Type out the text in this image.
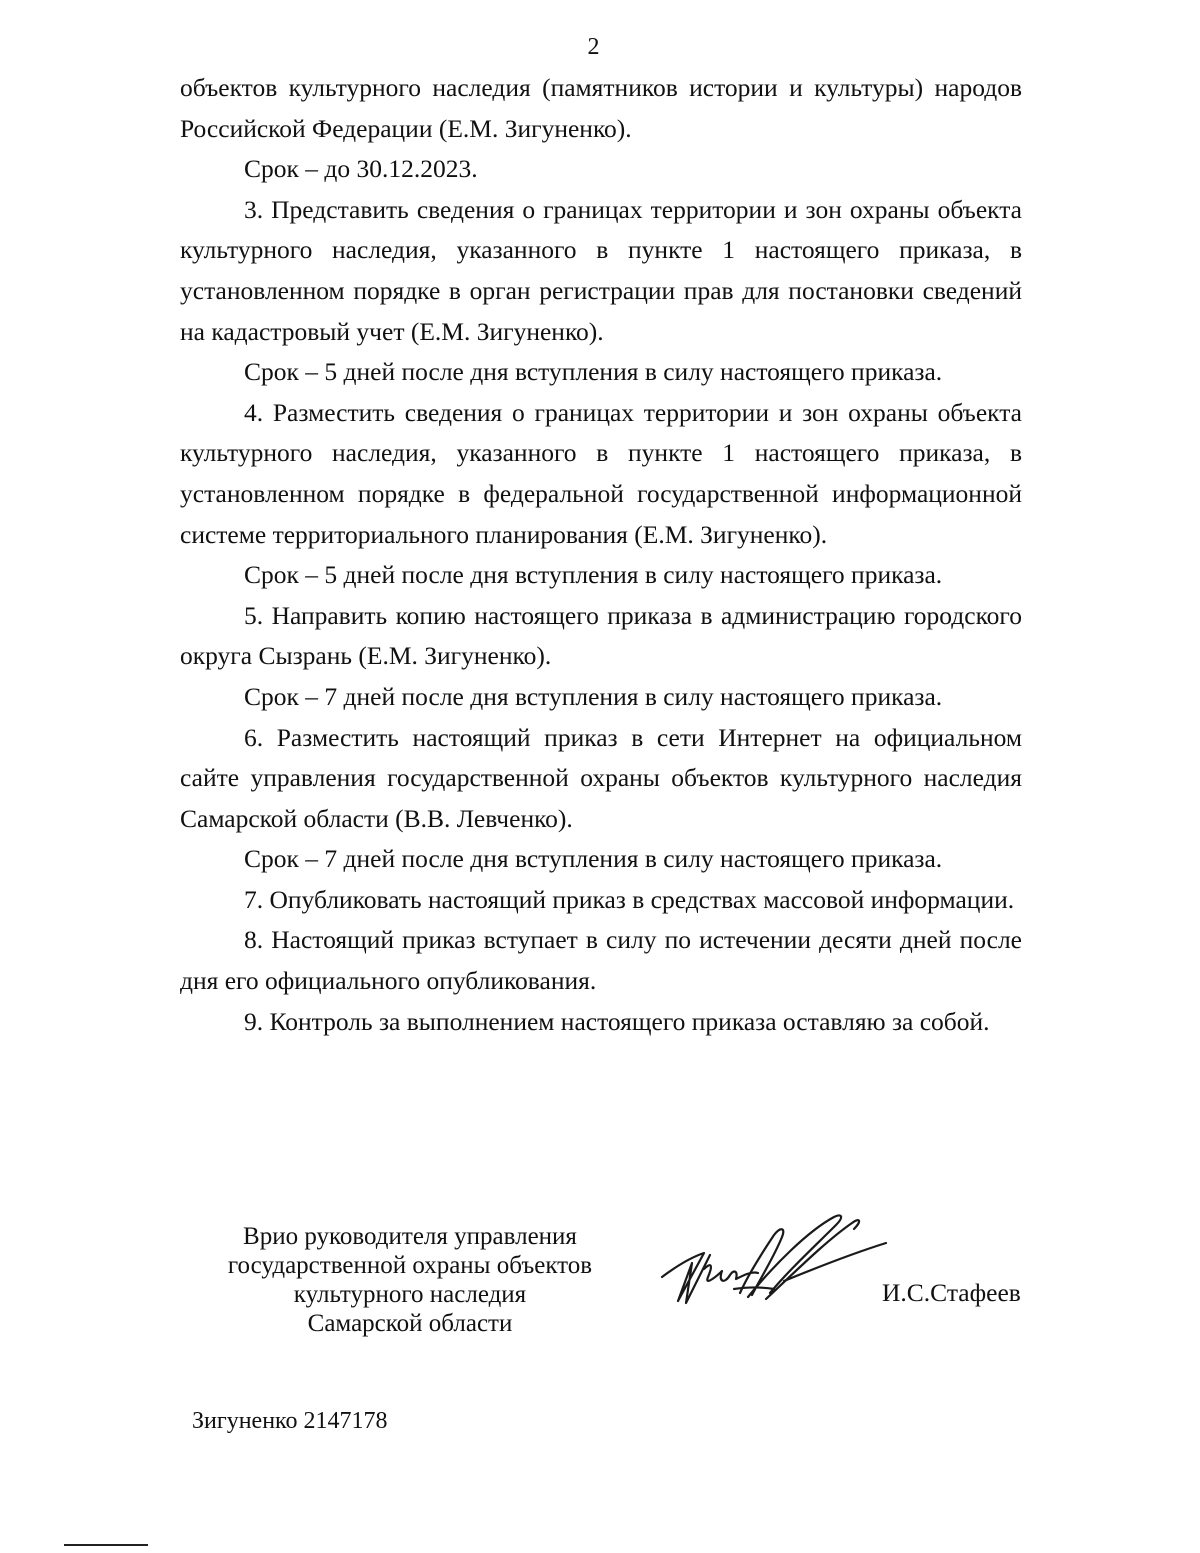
2

объектов культурного наследия (памятников истории и культуры) народов Российской Федерации (Е.М. Зигуненко).

Срок – до 30.12.2023.

3. Представить сведения о границах территории и зон охраны объекта культурного наследия, указанного в пункте 1 настоящего приказа, в установленном порядке в орган регистрации прав для постановки сведений на кадастровый учет (Е.М. Зигуненко).

Срок – 5 дней после дня вступления в силу настоящего приказа.

4. Разместить сведения о границах территории и зон охраны объекта культурного наследия, указанного в пункте 1 настоящего приказа, в установленном порядке в федеральной государственной информационной системе территориального планирования (Е.М. Зигуненко).

Срок – 5 дней после дня вступления в силу настоящего приказа.

5. Направить копию настоящего приказа в администрацию городского округа Сызрань (Е.М. Зигуненко).

Срок – 7 дней после дня вступления в силу настоящего приказа.

6. Разместить настоящий приказ в сети Интернет на официальном сайте управления государственной охраны объектов культурного наследия Самарской области (В.В. Левченко).

Срок – 7 дней после дня вступления в силу настоящего приказа.

7. Опубликовать настоящий приказ в средствах массовой информации.

8. Настоящий приказ вступает в силу по истечении десяти дней после дня его официального опубликования.

9. Контроль за выполнением настоящего приказа оставляю за собой.

Врио руководителя управления
государственной охраны объектов
культурного наследия
Самарской области
И.С.Стафеев
Зигуненко 2147178
